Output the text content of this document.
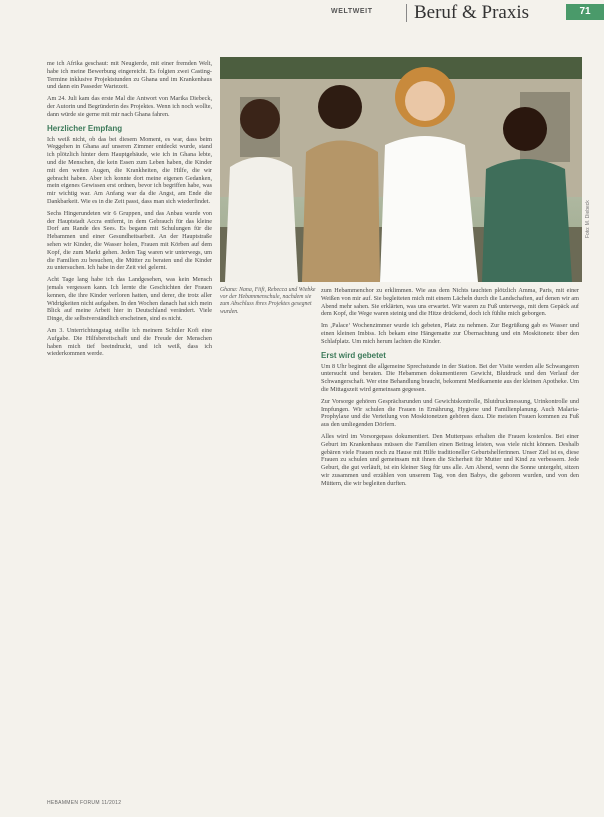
WELTWEIT Beruf & Praxis	71

me ich Afrika geschaut: mit Neugierde, mit einer fremden Welt, habe ich meine Bewerbung eingereicht. Es folgten zwei Casting-Termine inklusive Projektstunden zu Ghana und im Krankenhaus und dann ein Passeder Wartezeit.

Am 24. Juli kam das erste Mal die Antwort von Marika Diebeck, der Autorin und Begründerin des Projektes. Wenn ich noch wollte, dann würde sie gerne mit mir nach Ghana fahren.

Herzlicher Empfang

Ich weiß nicht, ob das bei diesem Moment, es war, dass beim Weggehen in Ghana auf unseren Zimmer entdeckt wurde, stand ich plötzlich hinter dem Hauptgebäude, wie ich in Ghana lebte, und die Menschen, die kein Essen zum Leben haben, die Kinder mit den weiten Augen, die Krankheiten, die Hilfe, die wir gebracht haben. Aber ich konnte dort meine eigenen Gedanken, mein eigenes Gewissen erst ordnen, bevor ich begriffen habe, was mir wichtig war. Am Anfang war da die Angst, am Ende die Dankbarkeit. Wie es in die Zeit passt, dass man sich wiederfindet.

Sechs Hingerundeten wir 6 Gruppen, und das Anbau wurde von der Hauptstadt Accra entfernt, in dem Gebrauch für das kleine Dorf am Rande des Sees. Es begann mit Schulungen für die Hebammen und einer Gesundheitsarbeit. An der Hauptstraße sehen wir Kinder, die Wasser holen, Frauen mit Körben auf dem Kopf, die zum Markt gehen. Jeden Tag waren wir unterwegs, um die Familien zu besuchen, die Mütter zu beraten und die Kinder zu untersuchen. Ich habe in der Zeit viel gelernt.

Acht Tage lang habe ich das Landgesehen, was kein Mensch jemals vergessen kann. Ich lernte die Geschichten der Frauen kennen, die ihre Kinder verloren hatten, und derer, die trotz aller Widrigkeiten nicht aufgaben. In den Wochen danach hat sich mein Blick auf meine Arbeit hier in Deutschland verändert. Viele Dinge, die selbstverständlich erscheinen, sind es nicht.

Am 3. Unterrichtungstag stellte ich meinem Schüler Kofi eine Aufgabe. Die Hilfsbereitschaft und die Freude der Menschen haben mich tief beeindruckt, und ich weiß, dass ich wiederkommen werde.

Foto: M. Diebeck
Ghana: Nana, Fiifi, Rebecca und Wiebke vor der Hebammenschule, nachdem sie zum Abschluss ihres Projektes gesegnet wurden.

zum Hebammenchor zu erklimmen. Wie aus dem Nichts tauchten plötzlich Amma, Paris, mit einer Weißen von mir auf. Sie begleiteten mich mit einem Lächeln durch die Landschaften, auf denen wir am Abend mehr sahen. Sie erklärten, was uns erwartet. Wir waren zu Fuß unterwegs, mit dem Gepäck auf dem Kopf, die Wege waren steinig und die Hitze drückend, doch ich fühlte mich geborgen.

Im ‚Palace‘ Wochenzimmer wurde ich gebeten, Platz zu nehmen. Zur Begrüßung gab es Wasser und einen kleinen Imbiss. Ich bekam eine Hängematte zur Übernachtung und ein Moskitonetz über den Schlafplatz. Um mich herum lachten die Kinder.

Erst wird gebetet

Um 8 Uhr beginnt die allgemeine Sprechstunde in der Station. Bei der Visite werden alle Schwangeren untersucht und beraten. Die Hebammen dokumentieren Gewicht, Blutdruck und den Verlauf der Schwangerschaft. Wer eine Behandlung braucht, bekommt Medikamente aus der kleinen Apotheke. Um die Mittagszeit wird gemeinsam gegessen.

Zur Vorsorge gehören Gesprächsrunden und Gewichtskontrolle, Blutdruckmessung, Urinkontrolle und Impfungen. Wir schulen die Frauen in Ernährung, Hygiene und Familienplanung. Auch Malaria-Prophylaxe und die Verteilung von Moskitonetzen gehören dazu. Die meisten Frauen kommen zu Fuß aus den umliegenden Dörfern.

Alles wird im Vorsorgepass dokumentiert. Den Mutterpass erhalten die Frauen kostenlos. Bei einer Geburt im Krankenhaus müssen die Familien einen Beitrag leisten, was viele nicht können. Deshalb gebären viele Frauen noch zu Hause mit Hilfe traditioneller Geburtshelferinnen. Unser Ziel ist es, diese Frauen zu schulen und gemeinsam mit ihnen die Sicherheit für Mutter und Kind zu verbessern. Jede Geburt, die gut verläuft, ist ein kleiner Sieg für uns alle. Am Abend, wenn die Sonne untergeht, sitzen wir zusammen und erzählen von unserem Tag, von den Babys, die geboren wurden, und von den Müttern, die wir begleiten durften.

HEBAMMEN FORUM 11/2012
